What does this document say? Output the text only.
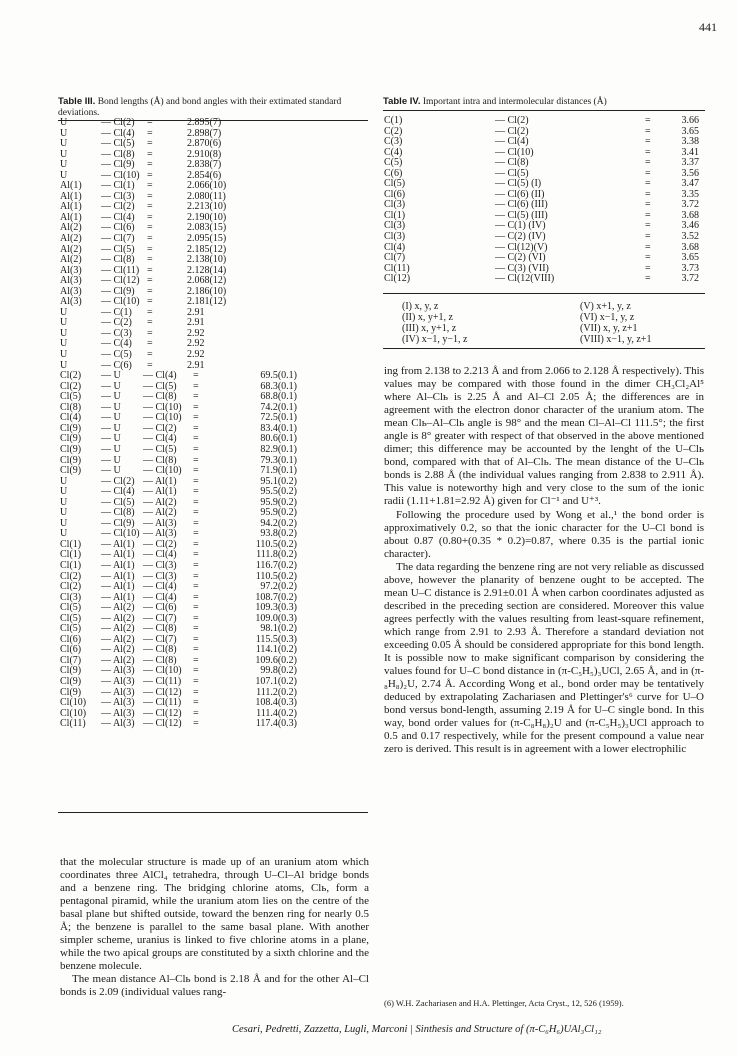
441
Table III. Bond lengths (Å) and bond angles with their extimated standard deviations.
U	— Cl(2)	=	2.895(7)	
U	— Cl(4)	=	2.898(7)	
U	— Cl(5)	=	2.870(6)	
U	— Cl(8)	=	2.910(8)	
U	— Cl(9)	=	2.838(7)	
U	— Cl(10)	=	2.854(6)	
Al(1)	— Cl(1)	=	2.066(10)	
Al(1)	— Cl(3)	=	2.080(11)	
Al(1)	— Cl(2)	=	2.213(10)	
Al(1)	— Cl(4)	=	2.190(10)	
Al(2)	— Cl(6)	=	2.083(15)	
Al(2)	— Cl(7)	=	2.095(15)	
Al(2)	— Cl(5)	=	2.185(12)	
Al(2)	— Cl(8)	=	2.138(10)	
Al(3)	— Cl(11)	=	2.128(14)	
Al(3)	— Cl(12)	=	2.068(12)	
Al(3)	— Cl(9)	=	2.186(10)	
Al(3)	— Cl(10)	=	2.181(12)	
U	— C(1)	=	2.91	
U	— C(2)	=	2.91	
U	— C(3)	=	2.92	
U	— C(4)	=	2.92	
U	— C(5)	=	2.92	
U	— C(6)	=	2.91	
Cl(2)	— U	— Cl(4)	=	69.5(0.1)
Cl(2)	— U	— Cl(5)	=	68.3(0.1)
Cl(5)	— U	— Cl(8)	=	68.8(0.1)
Cl(8)	— U	— Cl(10)	=	74.2(0.1)
Cl(4)	— U	— Cl(10)	=	72.5(0.1)
Cl(9)	— U	— Cl(2)	=	83.4(0.1)
Cl(9)	— U	— Cl(4)	=	80.6(0.1)
Cl(9)	— U	— Cl(5)	=	82.9(0.1)
Cl(9)	— U	— Cl(8)	=	79.3(0.1)
Cl(9)	— U	— Cl(10)	=	71.9(0.1)
U	— Cl(2)	— Al(1)	=	95.1(0.2)
U	— Cl(4)	— Al(1)	=	95.5(0.2)
U	— Cl(5)	— Al(2)	=	95.9(0.2)
U	— Cl(8)	— Al(2)	=	95.9(0.2)
U	— Cl(9)	— Al(3)	=	94.2(0.2)
U	— Cl(10)	— Al(3)	=	93.8(0.2)
Cl(1)	— Al(1)	— Cl(2)	=	110.5(0.2)
Cl(1)	— Al(1)	— Cl(4)	=	111.8(0.2)
Cl(1)	— Al(1)	— Cl(3)	=	116.7(0.2)
Cl(2)	— Al(1)	— Cl(3)	=	110.5(0.2)
Cl(2)	— Al(1)	— Cl(4)	=	97.2(0.2)
Cl(3)	— Al(1)	— Cl(4)	=	108.7(0.2)
Cl(5)	— Al(2)	— Cl(6)	=	109.3(0.3)
Cl(5)	— Al(2)	— Cl(7)	=	109.0(0.3)
Cl(5)	— Al(2)	— Cl(8)	=	98.1(0.2)
Cl(6)	— Al(2)	— Cl(7)	=	115.5(0.3)
Cl(6)	— Al(2)	— Cl(8)	=	114.1(0.2)
Cl(7)	— Al(2)	— Cl(8)	=	109.6(0.2)
Cl(9)	— Al(3)	— Cl(10)	=	99.8(0.2)
Cl(9)	— Al(3)	— Cl(11)	=	107.1(0.2)
Cl(9)	— Al(3)	— Cl(12)	=	111.2(0.2)
Cl(10)	— Al(3)	— Cl(11)	=	108.4(0.3)
Cl(10)	— Al(3)	— Cl(12)	=	111.4(0.2)
Cl(11)	— Al(3)	— Cl(12)	=	117.4(0.3)
Table IV. Important intra and intermolecular distances (Å)
C(1)	— Cl(2)	=	3.66
C(2)	— Cl(2)	=	3.65
C(3)	— Cl(4)	=	3.38
C(4)	— Cl(10)	=	3.41
C(5)	— Cl(8)	=	3.37
C(6)	— Cl(5)	=	3.56
Cl(5)	— Cl(5) (I)	=	3.47
Cl(6)	— Cl(6) (II)	=	3.35
Cl(3)	— Cl(6) (III)	=	3.72
Cl(1)	— Cl(5) (III)	=	3.68
Cl(3)	— C(1) (IV)	=	3.46
Cl(3)	— C(2) (IV)	=	3.52
Cl(4)	— Cl(12)(V)	=	3.68
Cl(7)	— C(2) (VI)	=	3.65
Cl(11)	— C(3) (VII)	=	3.73
Cl(12)	— Cl(12(VIII)	=	3.72
(I) x, y, z
(II) x, y+1, z
(III) x, y+1, z
(IV) x−1, y−1, z
(V) x+1, y, z
(VI) x−1, y, z
(VII) x, y, z+1
(VIII) x−1, y, z+1

that the molecular structure is made up of an uranium atom which coordinates three AlCl₄ tetrahedra, through U–Cl–Al bridge bonds and a benzene ring. The bridging chlorine atoms, Clь, form a pentagonal piramid, while the uranium atom lies on the centre of the basal plane but shifted outside, toward the benzen ring for nearly 0.5 Å; the benzene is parallel to the same basal plane. With another simpler scheme, uranius is linked to five chlorine atoms in a plane, while the two apical groups are constituted by a sixth chlorine and the benzene molecule.

The mean distance Al–Clь bond is 2.18 Å and for the other Al–Cl bonds is 2.09 (individual values rang-

ing from 2.138 to 2.213 Å and from 2.066 to 2.128 Å respectively). This values may be compared with those found in the dimer CH₃Cl₂Al⁵ where Al–Clь is 2.25 Å and Al–Cl 2.05 Å; the differences are in agreement with the electron donor character of the uranium atom. The mean Clь–Al–Clь angle is 98° and the mean Cl–Al–Cl 111.5°; the first angle is 8° greater with respect of that observed in the above mentioned dimer; this difference may be accounted by the lenght of the U–Clь bond, compared with that of Al–Clь. The mean distance of the U–Clь bonds is 2.88 Å (the individual values ranging from 2.838 to 2.911 Å). This value is noteworthy high and very close to the sum of the ionic radii (1.11+1.81=2.92 Å) given for Cl⁻¹ and U⁺³.

Following the procedure used by Wong et al.,¹ the bond order is approximatively 0.2, so that the ionic character for the U–Cl bond is about 0.87 (0.80+(0.35 * 0.2)=0.87, where 0.35 is the partial ionic character).

The data regarding the benzene ring are not very reliable as discussed above, however the planarity of benzene ought to be accepted. The mean U–C distance is 2.91±0.01 Å when carbon coordinates adjusted as described in the preceding section are considered. Moreover this value agrees perfectly with the values resulting from least-square refinement, which range from 2.91 to 2.93 Å. Therefore a standard deviation not exceeding 0.05 Å should be considered appropriate for this bond length. It is possible now to make significant comparison by considering the values found for U–C bond distance in (π-C₅H₅)₃UCl, 2.65 Å, and in (π-₈H₈)₂U, 2.74 Å. According Wong et al., bond order may be tentatively deduced by extrapolating Zachariasen and Plettinger's⁶ curve for U–O bond versus bond-length, assuming 2.19 Å for U–C single bond. In this way, bond order values for (π-C₈H₈)₂U and (π-C₅H₅)₃UCl approach to 0.5 and 0.17 respectively, while for the present compound a value near zero is derived. This result is in agreement with a lower electrophilic

(6) W.H. Zachariasen and H.A. Plettinger, Acta Cryst., 12, 526 (1959).
Cesari, Pedretti, Zazzetta, Lugli, Marconi | Sinthesis and Structure of (π-C₆H₆)UAl₃Cl₁₂
